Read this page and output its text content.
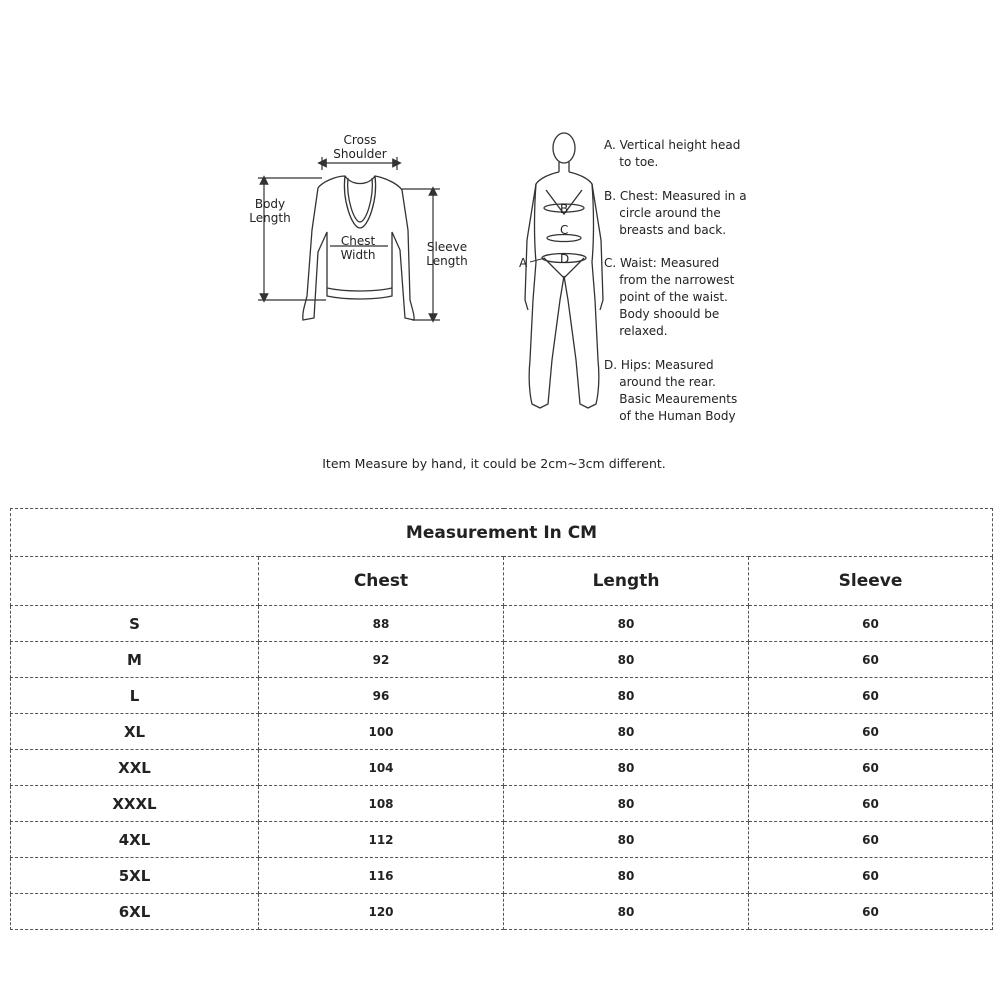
Cross
Shoulder
Body
Length
Chest
Width
Sleeve
Length	A
B
C
D
A. Vertical height head
to toe.
B. Chest: Measured in a
circle around the
breasts and back.
C. Waist: Measured
from the narrowest
point of the waist.
Body shoould be
relaxed.
D. Hips: Measured
around the rear.
Basic Meaurements
of the Human Body
Item Measure by hand, it could be 2cm~3cm different.
Measurement In CM			
	Chest	Length	Sleeve
S	88	80	60
M	92	80	60
L	96	80	60
XL	100	80	60
XXL	104	80	60
XXXL	108	80	60
4XL	112	80	60
5XL	116	80	60
6XL	120	80	60
